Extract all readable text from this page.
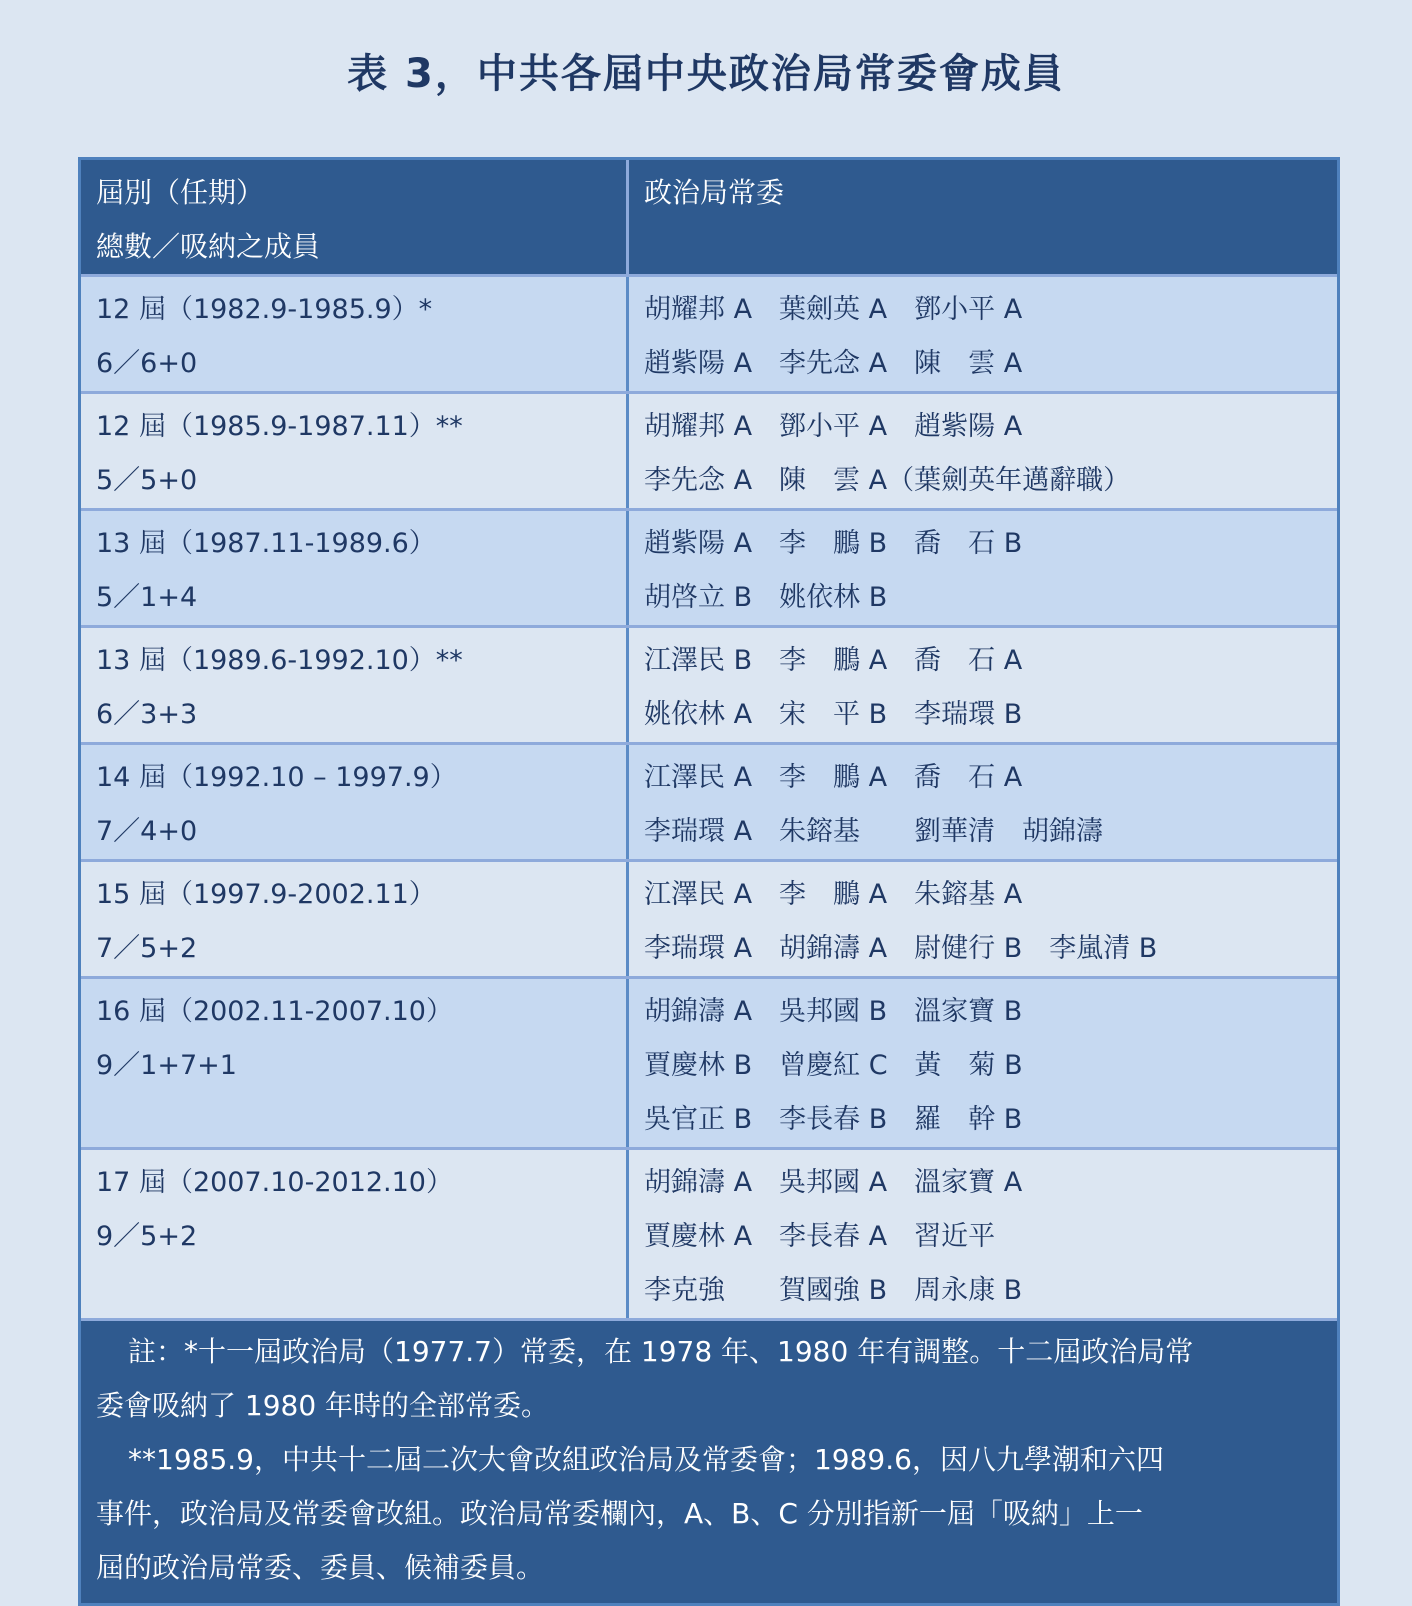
表 3，中共各屆中央政治局常委會成員
屆別（任期）
總數／吸納之成員
政治局常委
12 屆（1982.9-1985.9）*
6／6+0
胡耀邦 A　葉劍英 A　鄧小平 A
趙紫陽 A　李先念 A　陳　雲 A
12 屆（1985.9-1987.11）**
5／5+0
胡耀邦 A　鄧小平 A　趙紫陽 A
李先念 A　陳　雲 A（葉劍英年邁辭職）
13 屆（1987.11-1989.6）
5／1+4
趙紫陽 A　李　鵬 B　喬　石 B
胡啓立 B　姚依林 B
13 屆（1989.6-1992.10）**
6／3+3
江澤民 B　李　鵬 A　喬　石 A
姚依林 A　宋　平 B　李瑞環 B
14 屆（1992.10 – 1997.9）
7／4+0
江澤民 A　李　鵬 A　喬　石 A
李瑞環 A　朱鎔基　　劉華清　胡錦濤
15 屆（1997.9-2002.11）
7／5+2
江澤民 A　李　鵬 A　朱鎔基 A
李瑞環 A　胡錦濤 A　尉健行 B　李嵐清 B
16 屆（2002.11-2007.10）
9／1+7+1
胡錦濤 A　吳邦國 B　溫家寶 B
賈慶林 B　曾慶紅 C　黃　菊 B
吳官正 B　李長春 B　羅　幹 B
17 屆（2007.10-2012.10）
9／5+2
胡錦濤 A　吳邦國 A　溫家寶 A
賈慶林 A　李長春 A　習近平
李克強　　賀國強 B　周永康 B
註：*十一屆政治局（1977.7）常委，在 1978 年、1980 年有調整。十二屆政治局常
委會吸納了 1980 年時的全部常委。
**1985.9，中共十二屆二次大會改組政治局及常委會；1989.6，因八九學潮和六四
事件，政治局及常委會改組。政治局常委欄內，A、B、C 分別指新一屆「吸納」上一
屆的政治局常委、委員、候補委員。
